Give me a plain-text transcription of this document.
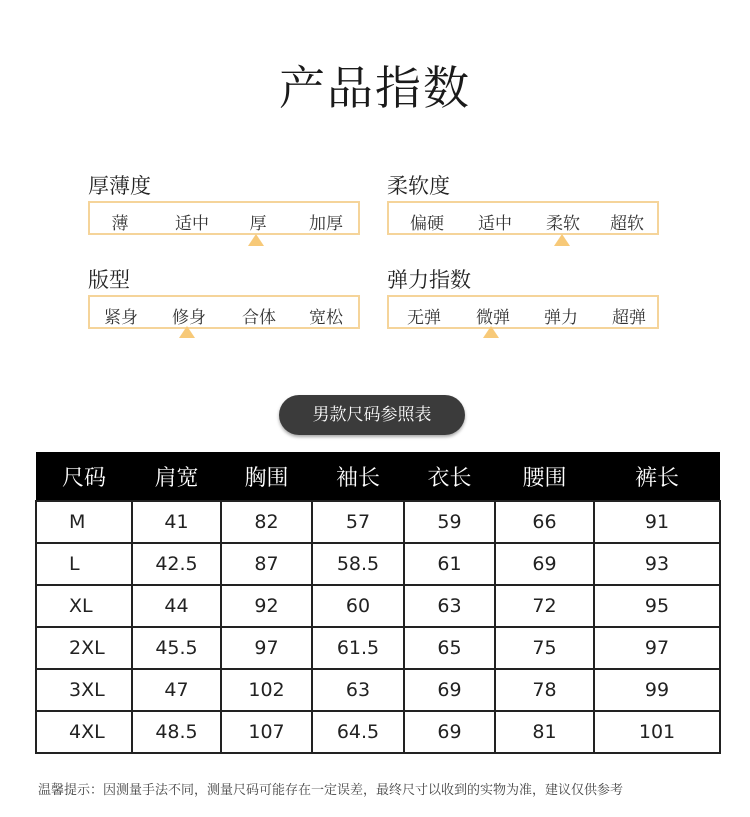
产品指数
厚薄度
薄	适中 厚	加厚
柔软度
偏硬 适中 柔软 超软
版型
紧身 修身 合体 宽松
弹力指数
无弹 微弹 弹力 超弹
男款尺码参照表
尺码	肩宽	胸围	袖长	衣长	腰围	裤长
M	41	82	57	59	66	91
L	42.5	87	58.5	61	69	93
XL	44	92	60	63	72	95
2XL	45.5	97	61.5	65	75	97
3XL	47	102	63	69	78	99
4XL	48.5	107	64.5	69	81	101
温馨提示：因测量手法不同，测量尺码可能存在一定误差，最终尺寸以收到的实物为准，建议仅供参考
